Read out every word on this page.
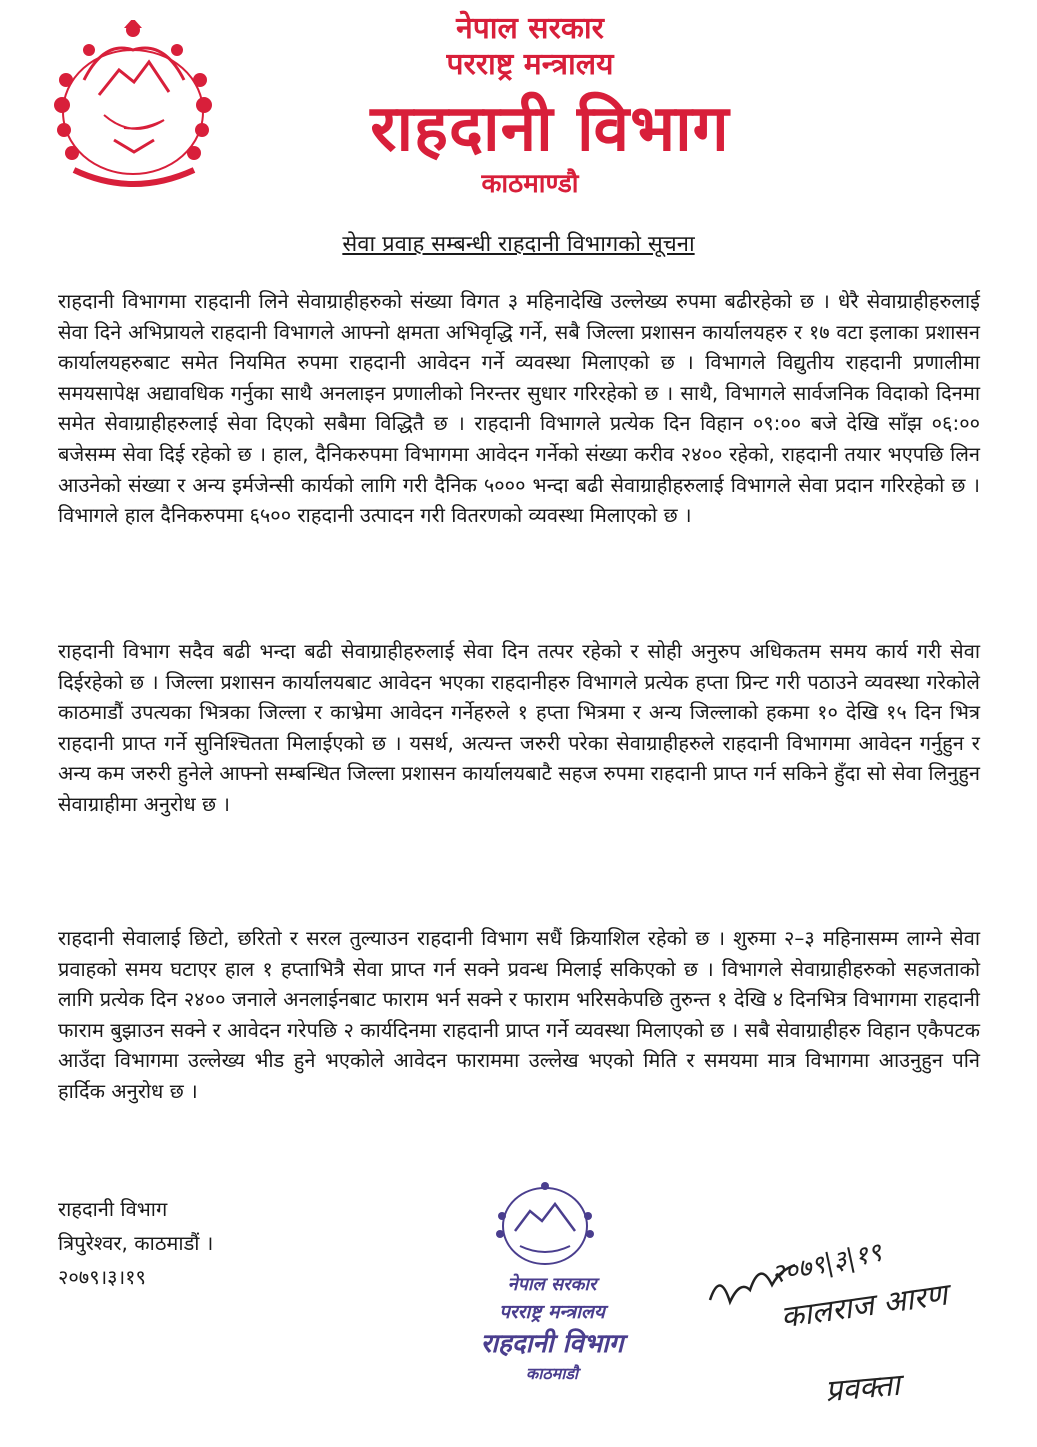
नेपाल सरकार
परराष्ट्र मन्त्रालय
राहदानी विभाग
काठमाण्डौ
सेवा प्रवाह सम्बन्धी राहदानी विभागको सूचना

राहदानी विभागमा राहदानी लिने सेवाग्राहीहरुको संख्या विगत ३ महिनादेखि उल्लेख्य रुपमा बढीरहेको छ । धेरै सेवाग्राहीहरुलाई सेवा दिने अभिप्रायले राहदानी विभागले आफ्नो क्षमता अभिवृद्धि गर्ने, सबै जिल्ला प्रशासन कार्यालयहरु र १७ वटा इलाका प्रशासन कार्यालयहरुबाट समेत नियमित रुपमा राहदानी आवेदन गर्ने व्यवस्था मिलाएको छ । विभागले विद्युतीय राहदानी प्रणालीमा समयसापेक्ष अद्यावधिक गर्नुका साथै अनलाइन प्रणालीको निरन्तर सुधार गरिरहेको छ । साथै, विभागले सार्वजनिक विदाको दिनमा समेत सेवाग्राहीहरुलाई सेवा दिएको सबैमा विद्धितै छ । राहदानी विभागले प्रत्येक दिन विहान ०९:०० बजे देखि साँझ ०६:०० बजेसम्म सेवा दिई रहेको छ । हाल, दैनिकरुपमा विभागमा आवेदन गर्नेको संख्या करीव २४०० रहेको, राहदानी तयार भएपछि लिन आउनेको संख्या र अन्य इर्मजेन्सी कार्यको लागि गरी दैनिक ५००० भन्दा बढी सेवाग्राहीहरुलाई विभागले सेवा प्रदान गरिरहेको छ । विभागले हाल दैनिकरुपमा ६५०० राहदानी उत्पादन गरी वितरणको व्यवस्था मिलाएको छ ।

राहदानी विभाग सदैव बढी भन्दा बढी सेवाग्राहीहरुलाई सेवा दिन तत्पर रहेको र सोही अनुरुप अधिकतम समय कार्य गरी सेवा दिईरहेको छ । जिल्ला प्रशासन कार्यालयबाट आवेदन भएका राहदानीहरु विभागले प्रत्येक हप्ता प्रिन्ट गरी पठाउने व्यवस्था गरेकोले काठमाडौं उपत्यका भित्रका जिल्ला र काभ्रेमा आवेदन गर्नेहरुले १ हप्ता भित्रमा र अन्य जिल्लाको हकमा १० देखि १५ दिन भित्र राहदानी प्राप्त गर्ने सुनिश्चितता मिलाईएको छ । यसर्थ, अत्यन्त जरुरी परेका सेवाग्राहीहरुले राहदानी विभागमा आवेदन गर्नुहुन र अन्य कम जरुरी हुनेले आफ्नो सम्बन्धित जिल्ला प्रशासन कार्यालयबाटै सहज रुपमा राहदानी प्राप्त गर्न सकिने हुँदा सो सेवा लिनुहुन सेवाग्राहीमा अनुरोध छ ।

राहदानी सेवालाई छिटो, छरितो र सरल तुल्याउन राहदानी विभाग सधैं क्रियाशिल रहेको छ । शुरुमा २–३ महिनासम्म लाग्ने सेवा प्रवाहको समय घटाएर हाल १ हप्ताभित्रै सेवा प्राप्त गर्न सक्ने प्रवन्ध मिलाई सकिएको छ । विभागले सेवाग्राहीहरुको सहजताको लागि प्रत्येक दिन २४०० जनाले अनलाईनबाट फाराम भर्न सक्ने र फाराम भरिसकेपछि तुरुन्त १ देखि ४ दिनभित्र विभागमा राहदानी फाराम बुझाउन सक्ने र आवेदन गरेपछि २ कार्यदिनमा राहदानी प्राप्त गर्ने व्यवस्था मिलाएको छ । सबै सेवाग्राहीहरु विहान एकैपटक आउँदा विभागमा उल्लेख्य भीड हुने भएकोले आवेदन फाराममा उल्लेख भएको मिति र समयमा मात्र विभागमा आउनुहुन पनि हार्दिक अनुरोध छ ।

राहदानी विभाग
त्रिपुरेश्वर, काठमाडौं ।
२०७९।३।१९	नेपाल सरकार
परराष्ट्र मन्त्रालय
राहदानी विभाग
काठमाडौ
२०७९|३|१९
कालराज आरण
प्रवक्ता
